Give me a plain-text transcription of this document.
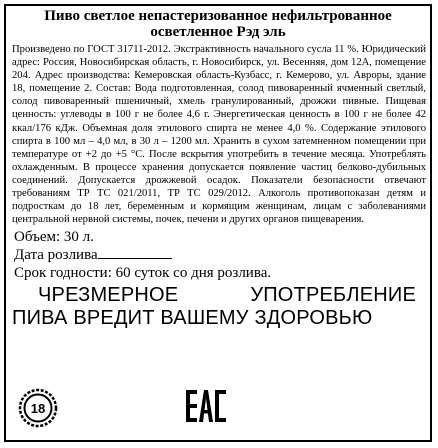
Пиво светлое непастеризованное нефильтрованное
осветленное Рэд эль

Произведено по ГОСТ 31711-2012. Экстрактивность начального сусла 11 %. Юридический адрес: Россия, Новосибирская область, г. Новосибирск, ул. Весенняя, дом 12А, помещение 204. Адрес производства: Кемеровская область-Кузбасс, г. Кемерово, ул. Авроры, здание 18, помещение 2. Состав: Вода подготовленная, солод пивоваренный ячменный светлый, солод пивоваренный пшеничный, хмель гранулированный, дрожжи пивные. Пищевая ценность: углеводы в 100 г не более 4,6 г. Энергетическая ценность в 100 г не более 42 ккал/176 кДж. Объемная доля этилового спирта не менее 4,0 %. Содержание этилового спирта в 100 мл – 4,0 мл, в 30 л – 1200 мл. Хранить в сухом затемненном помещении при температуре от +2 до +5 °С. После вскрытия употребить в течение месяца. Употреблять охлажденным. В процессе хранения допускается появление частиц белково-дубильных соединений. Допускается дрожжевой осадок. Показатели безопасности отвечают требованиям ТР ТС 021/2011, ТР ТС 029/2012. Алкоголь противопоказан детям и подросткам до 18 лет, беременным и кормящим женщинам, лицам с заболеваниями центральной нервной системы, почек, печени и других органов пищеварения.

Объем: 30 л.
Дата розлива
Срок годности: 60 суток со дня розлива.
ЧРЕЗМЕРНОЕ	УПОТРЕБЛЕНИЕ
ПИВА ВРЕДИТ ВАШЕМУ ЗДОРОВЬЮ
18
